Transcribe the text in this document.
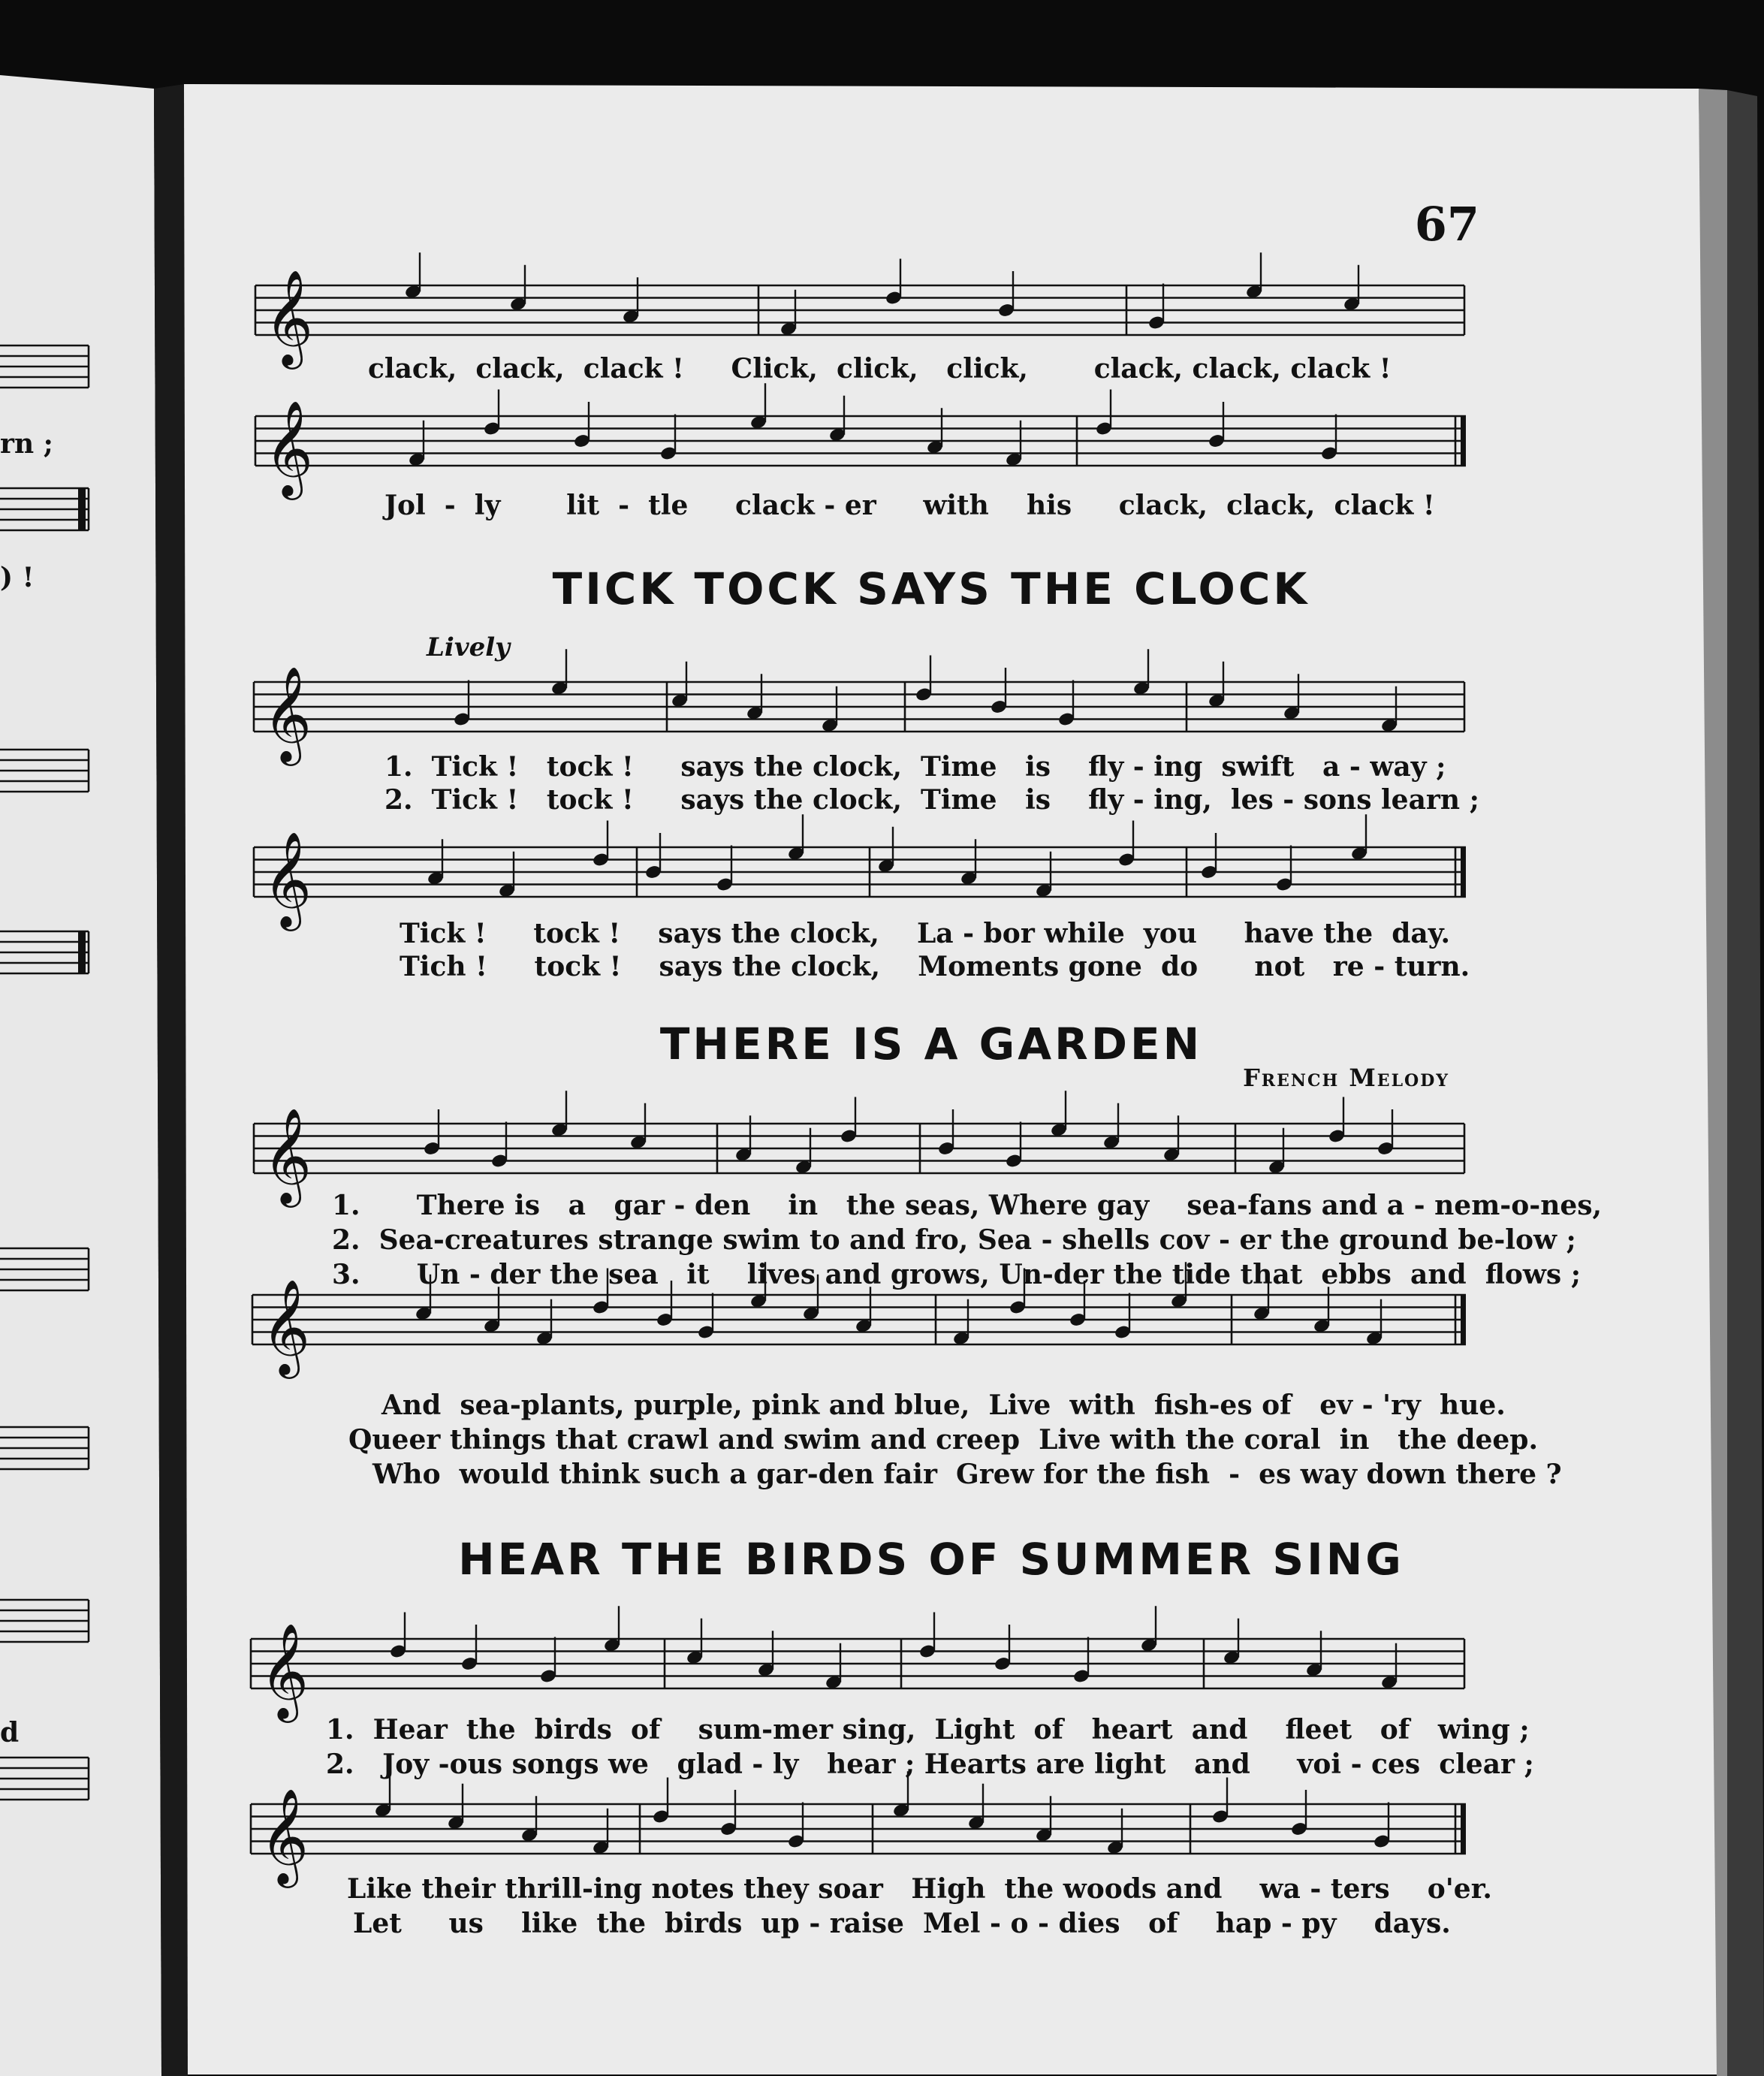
𝄞
𝄞
𝄞
𝄞
𝄞
𝄞
𝄞
𝄞
67
rn ;
) !
d
clack,  clack,  clack !     Click,  click,   click,       clack, clack, clack !
Jol  -  ly       lit  -  tle     clack - er     with    his     clack,  clack,  clack !
TICK TOCK SAYS THE CLOCK
Lively
1.  Tick !   tock !     says the clock,  Time   is    fly - ing  swift   a - way ;
2.  Tick !   tock !     says the clock,  Time   is    fly - ing,  les - sons learn ;
Tick !     tock !    says the clock,    La - bor while  you     have the  day.
Tich !     tock !    says the clock,    Moments gone  do      not   re - turn.
THERE IS A GARDEN
French Melody
1.      There is   a   gar - den    in   the seas, Where gay    sea-fans and a - nem-o-nes,
2.  Sea-creatures strange swim to and fro, Sea - shells cov - er the ground be-low ;
3.      Un - der the sea   it    lives and grows, Un-der the tide that  ebbs  and  flows ;
And  sea-plants, purple, pink and blue,  Live  with  fish-es of   ev - 'ry  hue.
Queer things that crawl and swim and creep  Live with the coral  in   the deep.
Who  would think such a gar-den fair  Grew for the fish  -  es way down there ?
HEAR THE BIRDS OF SUMMER SING
1.  Hear  the  birds  of    sum-mer sing,  Light  of   heart  and    fleet   of   wing ;
2.   Joy -ous songs we   glad - ly   hear ; Hearts are light   and     voi - ces  clear ;
Like their thrill-ing notes they soar   High  the woods and    wa - ters    o'er.
Let     us    like  the  birds  up - raise  Mel - o - dies   of    hap - py    days.
